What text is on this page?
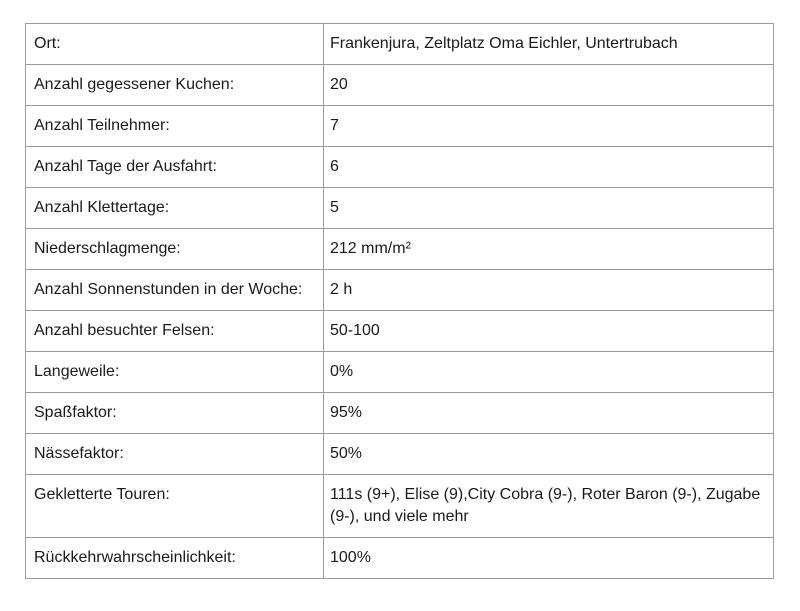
Ort:	Frankenjura, Zeltplatz Oma Eichler, Untertrubach
Anzahl gegessener Kuchen:	20
Anzahl Teilnehmer:	7
Anzahl Tage der Ausfahrt:	6
Anzahl Klettertage:	5
Niederschlagmenge:	212 mm/m²
Anzahl Sonnenstunden in der Woche:	2 h
Anzahl besuchter Felsen:	50-100
Langeweile:	0%
Spaßfaktor:	95%
Nässefaktor:	50%
Gekletterte Touren:	111s (9+), Elise (9),City Cobra (9-), Roter Baron (9-), Zugabe (9-), und viele mehr
Rückkehrwahrscheinlichkeit:	100%
